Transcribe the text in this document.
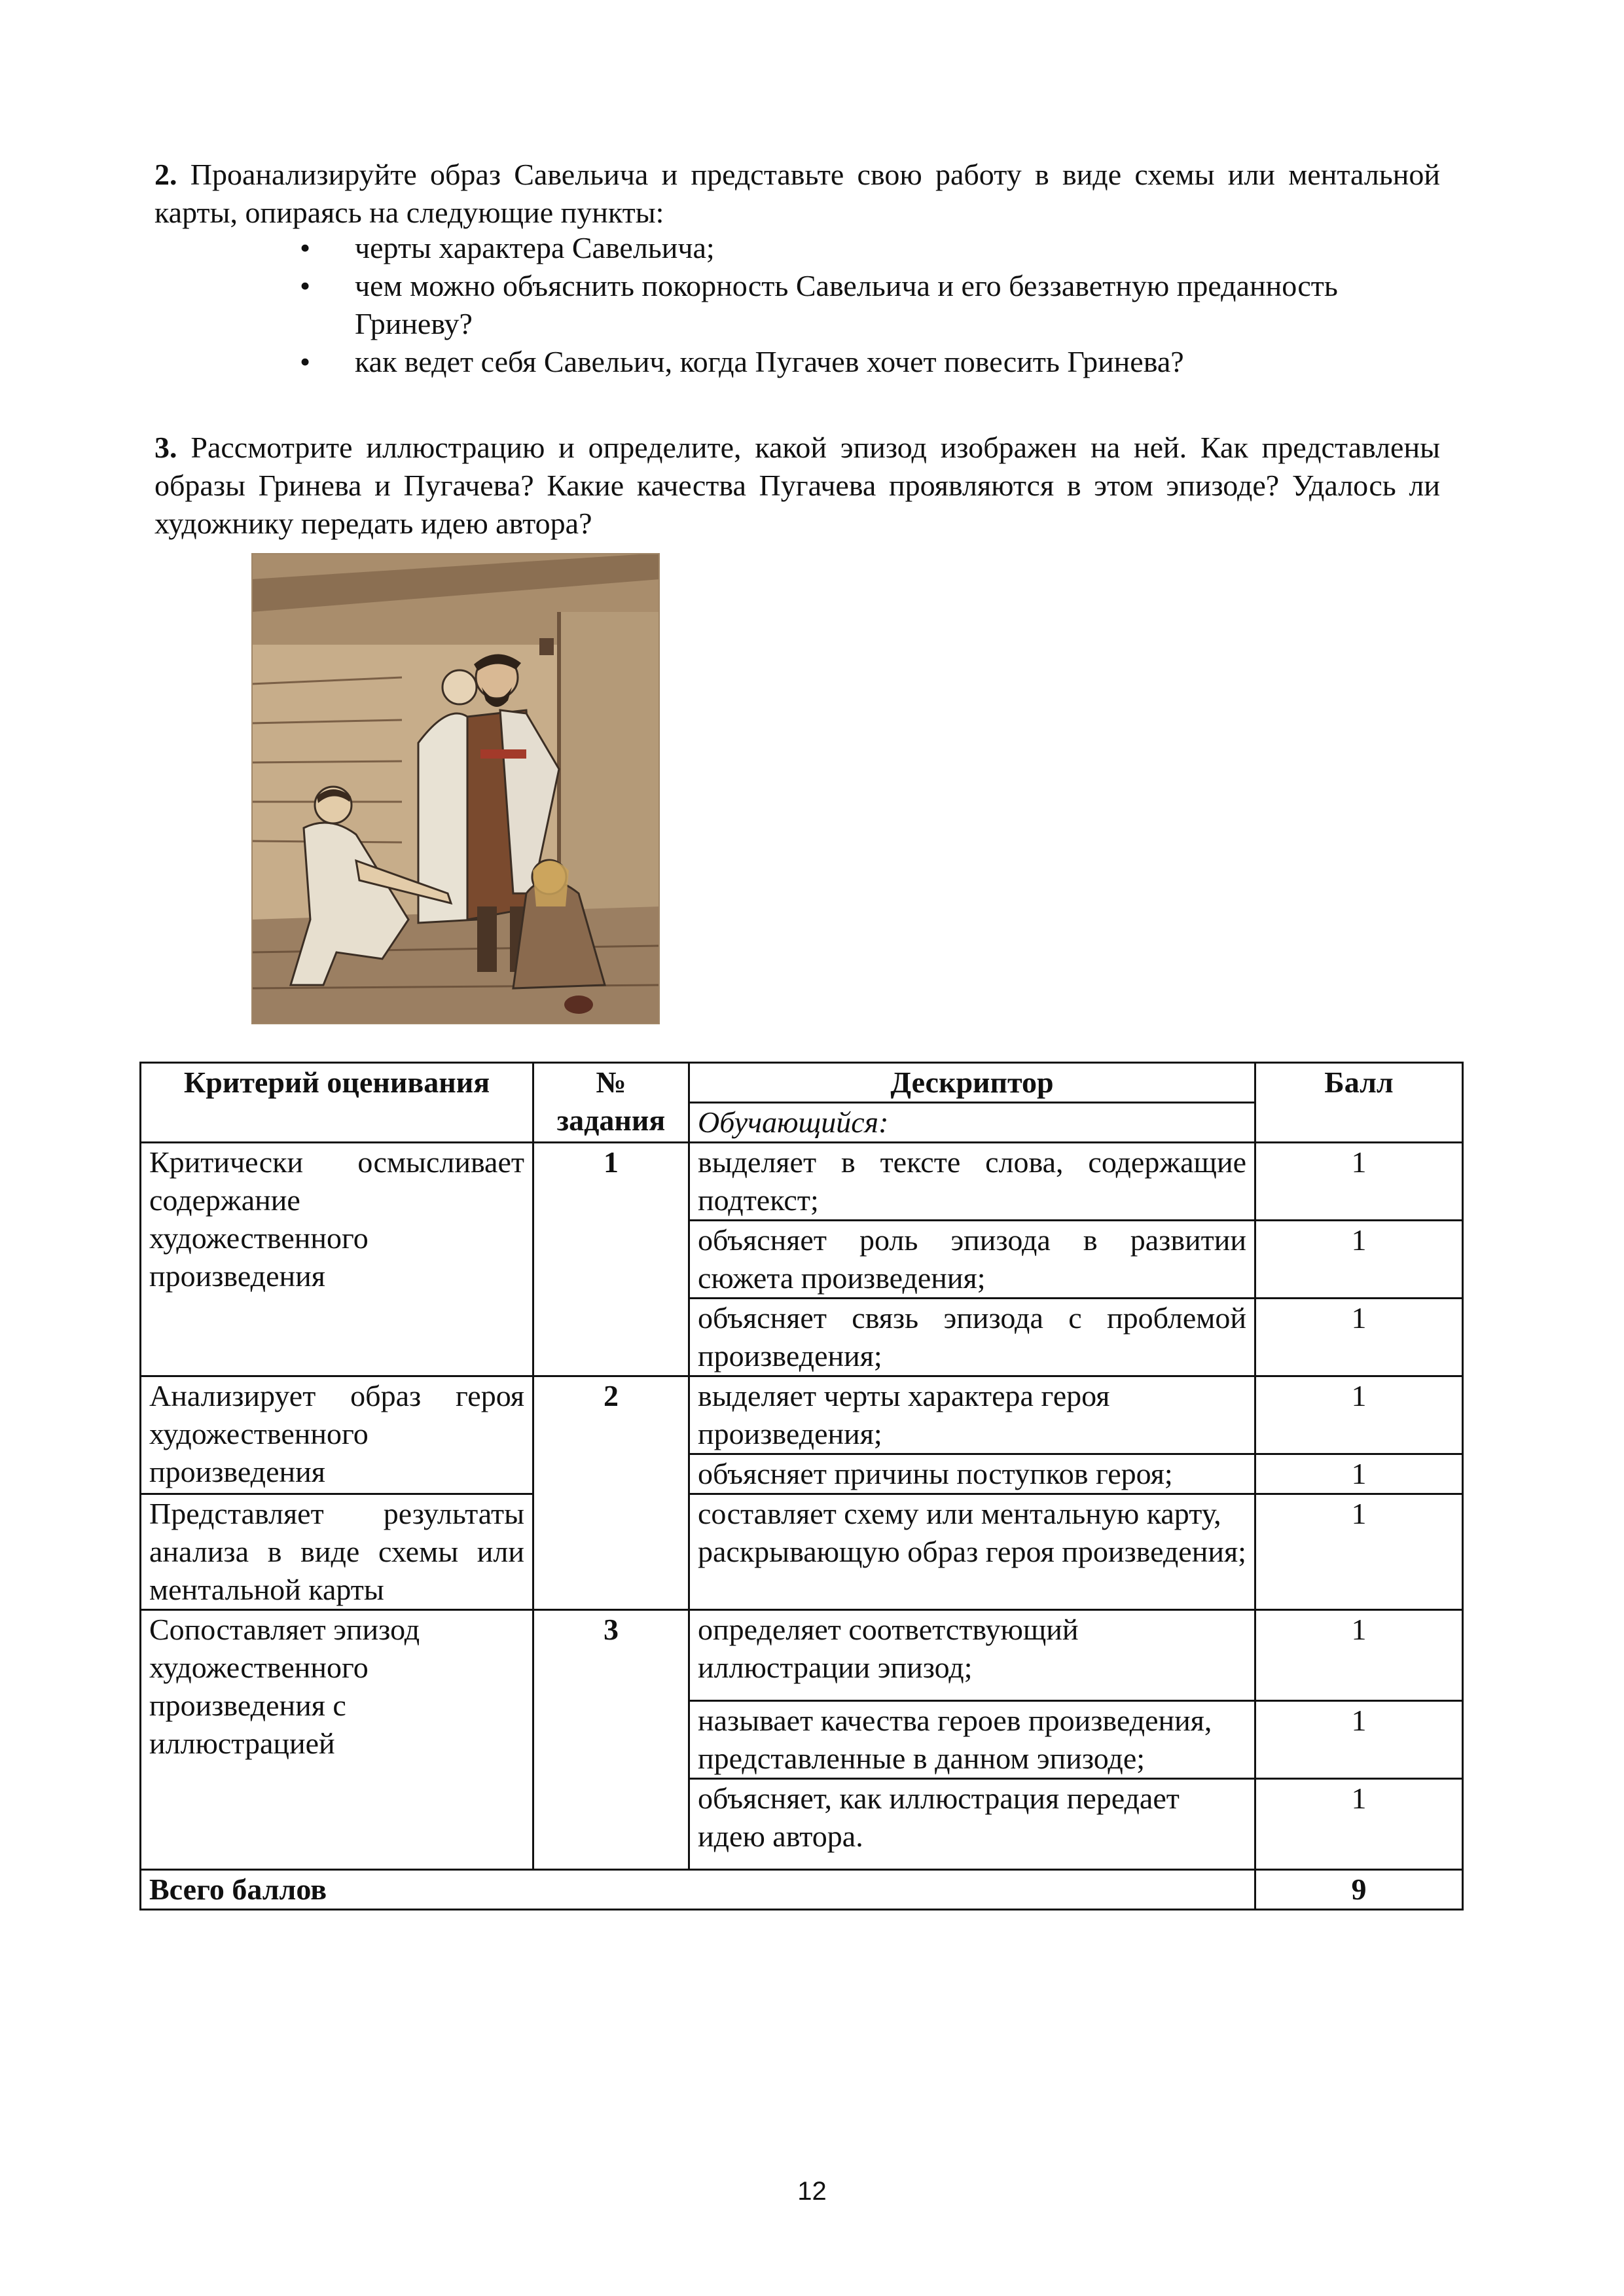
2. Проанализируйте образ Савельича и представьте свою работу в виде схемы или ментальной карты, опираясь на следующие пункты:

• черты характера Савельича;
• чем можно объяснить покорность Савельича и его беззаветную преданность Гриневу?
• как ведет себя Савельич, когда Пугачев хочет повесить Гринева?

3. Рассмотрите иллюстрацию и определите, какой эпизод изображен на ней. Как представлены образы Гринева и Пугачева? Какие качества Пугачева проявляются в этом эпизоде? Удалось ли художнику передать идею автора?

Критерий оценивания	№ задания	Дескриптор	Балл
		Обучающийся:	
Критически осмысливает содержание художественного произведения	1	выделяет в тексте слова, содержащие подтекст;	1
		объясняет роль эпизода в развитии сюжета произведения;	1
		объясняет связь эпизода с проблемой произведения;	1
Анализирует образ героя художественного произведения	2	выделяет черты характера героя произведения;	1
		объясняет причины поступков героя;	1
Представляет результаты анализа в виде схемы или ментальной карты		составляет схему или ментальную карту, раскрывающую образ героя произведения;	1
Сопоставляет эпизод художественного произведения с иллюстрацией	3	определяет соответствующий иллюстрации эпизод;	1
		называет качества героев произведения, представленные в данном эпизоде;	1
		объясняет, как иллюстрация передает идею автора.	1
Всего баллов			9
12
